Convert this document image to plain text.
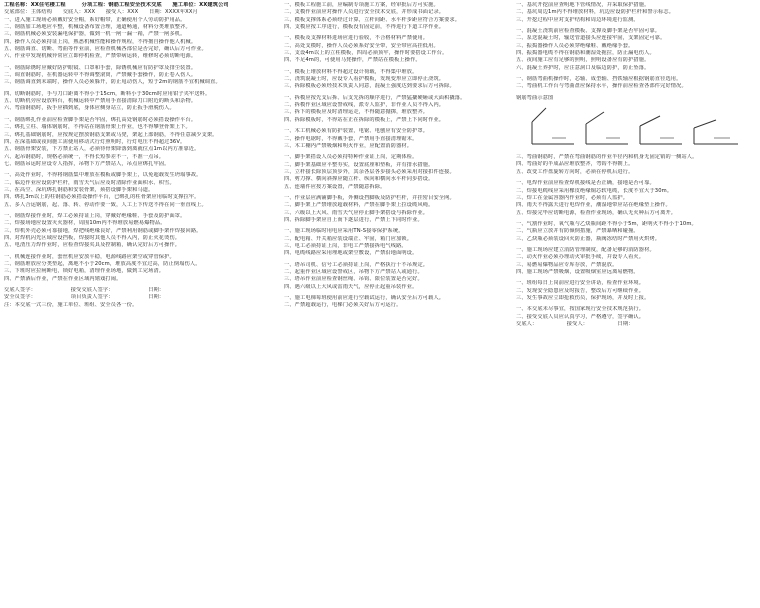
工程名称：XX住宅楼工程　　　分项工程：钢筋工程安全技术交底　　施工单位：XX建筑公司
交底部位：主体结构　　交底人：XXX　　接受人：XXX　　日期：XXXX年XX月
一、进入施工现场必须戴好安全帽，系好帽带，正确使用个人劳动防护用品。
二、钢筋加工场地应平整，机械设备布置合理，通道畅通，材料分类堆放整齐。
三、钢筋机械必须安装漏电保护器，做到一机一闸一漏一箱，严禁一闸多机。
四、操作人员必须持证上岗，熟悉机械性能和操作规程，不得擅自操作他人机械。
五、钢筋调直、切断、弯曲等作业前，应检查机械各部位是否完好，确认后方可作业。
六、作业中发现机械异常应立即停机检查，严禁带病运转，维修时必须切断电源。
一、钢筋除锈时应戴好防护眼镜、口罩和手套，除锈机械应有防护罩及排尘装置。
二、调直钢筋时，在机器运转中不得调整滚筒，严禁戴手套操作，防止卷入伤人。
三、钢筋调直到末端时，操作人员必须躲开，防止甩动伤人，短于2m的钢筋不宜机械调直。
四、切断钢筋时，手与刀口距离不得小于15cm，断料小于30cm时应用钳子夹牢送料。
五、切断机旁应设放料台，机械运转中严禁用手直接清除刀口附近的断头和杂物。
六、弯曲钢筋时，扳手应插到底，身体应侧身站立，防止扳手滑脱伤人。
一、钢筋绑扎作业前应检查脚手架是否牢固，绑扎高处钢筋时必须搭设操作平台。
二、绑扎立柱、墙体钢筋时，不得站在钢筋骨架上作业，也不得攀登骨架上下。
三、绑扎基础钢筋时，应按规定摆放钢筋支架或马凳，架起上部钢筋，不得任意减少支架。
四、在深基础或夜间施工需使用移动式行灯照明时，行灯电压不得超过36V。
五、钢筋骨架安装，下方禁止站人，必须待骨架降落到离就位点1m以内方准靠近。
六、起吊钢筋时，规格必须统一，不得长短参差不一，不准一点吊。
七、钢筋吊运时应设专人指挥，吊物下方严禁站人，吊点应绑扎牢固。
一、高处作业时，不得将钢筋集中堆放在模板或脚手架上，以免超载发生坍塌事故。
二、临边作业应设防护栏杆，雨雪天气后应及时清除作业面积水、积雪。
三、在高空、深坑绑扎钢筋和安装骨架，须搭设脚手架和马道。
四、绑扎3m以上的柱钢筋必须搭设操作平台，已绑扎的柱骨架应用临时支撑拉牢。
五、多人合运钢筋，起、落、转、停动作要一致，人工上下传送不得在同一垂直线上。
一、钢筋焊接作业时，焊工必须持证上岗，穿戴好绝缘鞋、手套及防护面罩。
二、焊接场地应设置灭火器材，周围10m内不得堆放易燃易爆物品。
三、焊机外壳必须可靠接地，焊把线绝缘良好，严禁利用钢筋或脚手架作焊接回路。
四、对焊机闪光区域应设挡板，焊接时其他人员不得入内，防止火花烫伤。
五、电渣压力焊作业时，应检查焊接夹具及控制箱，确认完好后方可操作。
一、机械连接作业时，套丝机应安放平稳，电源线路应架空或穿管保护。
二、钢筋堆放应分类垫起，离地不小于20cm，堆放高度不宜过高，防止倒塌伤人。
三、下班时应拉闸断电，锁好电箱，清理作业场地，做到工完场清。
四、严禁酒后作业，严禁在作业区域内嬉戏打闹。
交底人签字：　　　　　　　接受交底人签字：　　　　　　　日期：
安全员签字：　　　　　　　项目负责人签字：　　　　　　　日期：
注：本交底一式三份，施工单位、班组、安全员各一份。
一、模板工程施工前，应编制专项施工方案，经审批后方可实施。
二、支模作业前应对操作人员进行安全技术交底，并形成书面记录。
三、模板支撑体系必须经过计算，立杆间距、水平杆步距应符合方案要求。
四、支模应按工序进行，模板没有固定前，不得进行下道工序作业。
一、模板及支撑材料进场应进行验收，不合格材料严禁使用。
二、高处支模时，操作人员必须系好安全带，安全带应高挂低用。
三、支设4m以上的立柱模板，四周必须顶牢，操作时要搭设工作台。
四、不足4m的，可使用马凳操作，严禁站在模板上操作。
一、模板上堆放材料不得超过设计荷载，不得集中堆放。
二、浇筑混凝土时，应设专人看护模板，发现变形应立即停止浇筑。
三、拆除模板必须经技术负责人同意，混凝土强度达到要求后方可拆除。
一、拆模应按先支后拆、后支先拆的顺序进行，严禁猛撬硬砸或大面积撬落。
二、拆模作业区域应设警戒线，派专人监护，非作业人员不得入内。
三、拆下的模板应及时清理运走，不得随意抛掷，堆放整齐。
四、拆除模板时，不得站在正在拆除的模板上，严禁上下同时作业。
一、木工机械必须有防护装置，电锯、电刨应有安全防护罩。
二、操作电锯时，不得戴手套，严禁用手直接清理锯末。
三、木工棚内严禁吸烟和明火作业，应配置消防器材。
一、脚手架搭设人员必须持特种作业证上岗，定期体检。
二、脚手架基础应平整夯实，设置底座和垫板，并有排水措施。
三、立杆接长除顶层顶步外，其余各层各步接头必须采用对接扣件连接。
四、剪刀撑、横向斜撑应随立杆、纵向和横向水平杆同步搭设。
五、连墙件应按方案设置，严禁随意拆除。
一、作业层应满铺脚手板，外侧设挡脚板及防护栏杆，并挂密目安全网。
二、脚手架上严禁堆放超载材料，严禁在脚手架上拉设缆风绳。
三、六级以上大风、雨雪天气应停止脚手架搭设与拆除作业。
四、拆除脚手架应自上而下逐层进行，严禁上下同时作业。
一、施工现场临时用电应采用TN-S接零保护系统。
二、配电箱、开关箱应装设端正、牢固，箱门应加锁。
三、电工必须持证上岗，非电工严禁接拆电气线路。
四、电缆线路应采用埋地或架空敷设，严禁沿地面明设。
一、塔吊司机、信号工必须持证上岗，严格执行十不吊规定。
二、起重作业区域应设警戒区，吊物下方严禁站人或通行。
三、塔吊作业前应检查钢丝绳、吊钩、限位装置是否完好。
四、遇六级以上大风或雷雨天气，应停止起重吊装作业。
一、施工电梯每班使用前应进行空载试运行，确认安全后方可载人。
二、严禁超载运行，电梯门必须关好后方可运行。
一、基坑开挖前应查明地下管线情况，并采取保护措施。
二、基坑周边1m内不得堆放材料，坑边应设防护栏杆和警示标志。
三、开挖过程中应对支护结构和周边环境进行监测。
一、混凝土浇筑前应检查模板、支撑及脚手架是否牢固可靠。
二、泵送混凝土时，输送管道接头应连接牢固，支架固定可靠。
三、振捣器操作人员必须穿绝缘鞋、戴绝缘手套。
四、振捣器电缆不得在钢筋和潮湿处拖拉，防止漏电伤人。
五、夜间施工应有足够的照明，照明设备应有防护措施。
六、混凝土养护时，应注意洞口及临边防护，防止坠落。
一、钢筋弯曲机操作时，芯轴、成型轴、挡铁轴应根据钢筋直径选用。
二、弯曲机工作台与弯曲盘应保持水平，操作前应检查各部件完好情况。
钢筋弯曲示意图
三、弯曲钢筋时，严禁在弯曲钢筋的作业半径内和机身无固定销的一侧站人。
四、弯曲好的半成品应堆放整齐，弯钩不得朝上。
五、改变工作盘旋转方向时，必须在停机后进行。
一、电焊作业前应检查焊机接线是否正确，接地是否可靠。
二、焊接电缆线应采用橡皮绝缘铜芯软电缆，长度不宜大于30m。
三、焊工在金属容器内作业时，必须有人监护。
四、雨天不得露天进行电焊作业，潮湿地带应站在绝缘垫上操作。
五、焊接完毕应切断电源，检查作业现场，确认无火种后方可离开。
一、气割作业时，氧气瓶与乙炔瓶间距不得小于5m，距明火不得小于10m。
二、气瓶应立放并有防倾倒措施，严禁暴晒和碰撞。
三、乙炔瓶必须装设回火防止器，瓶阀冻结时严禁用火烘烤。
一、施工现场应建立消防管理制度，配备足够的消防器材。
二、动火作业必须办理动火审批手续，并设专人看火。
三、易燃易爆物品应专库存放，严禁混放。
四、施工现场严禁吸烟，设置吸烟室应远离易燃物。
一、班组每日上岗前应进行安全讲话，检查作业环境。
二、发现安全隐患应及时报告，整改后方可继续作业。
三、发生事故应立即抢救伤员，保护现场，并及时上报。
一、本交底未尽事宜，按国家现行安全技术规范执行。
二、接受交底人员应认真学习，严格遵守，签字确认。
交底人：　　　　　　接受人：　　　　　　日期：
